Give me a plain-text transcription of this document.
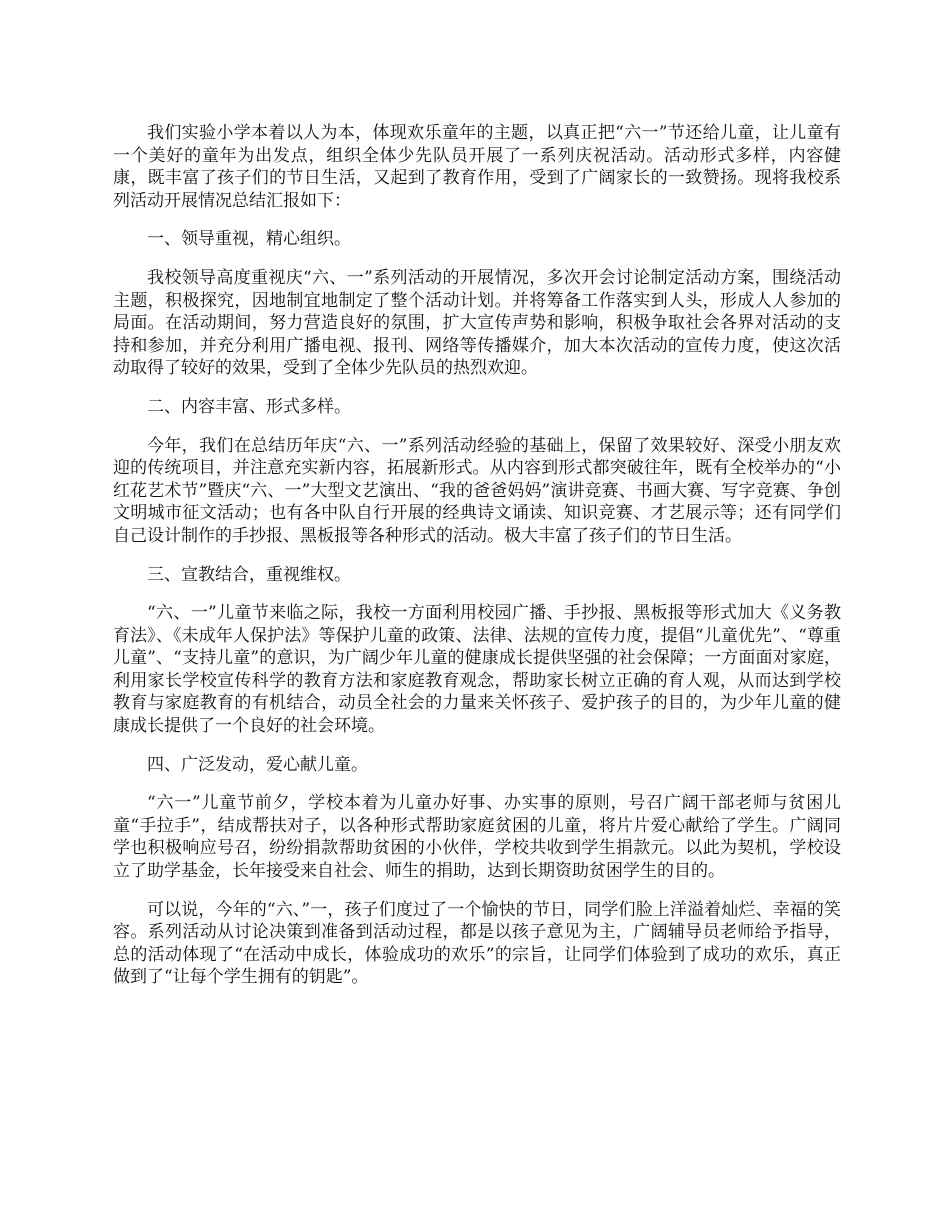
我们实验小学本着以人为本，体现欢乐童年的主题，以真正把“六一”节还给儿童，让儿童有一个美好的童年为出发点，组织全体少先队员开展了一系列庆祝活动。活动形式多样，内容健康，既丰富了孩子们的节日生活，又起到了教育作用，受到了广阔家长的一致赞扬。现将我校系列活动开展情况总结汇报如下：

一、领导重视，精心组织。

我校领导高度重视庆“六、一”系列活动的开展情况，多次开会讨论制定活动方案，围绕活动主题，积极探究，因地制宜地制定了整个活动计划。并将筹备工作落实到人头，形成人人参加的局面。在活动期间，努力营造良好的氛围，扩大宣传声势和影响，积极争取社会各界对活动的支持和参加，并充分利用广播电视、报刊、网络等传播媒介，加大本次活动的宣传力度，使这次活动取得了较好的效果，受到了全体少先队员的热烈欢迎。

二、内容丰富、形式多样。

今年，我们在总结历年庆“六、一”系列活动经验的基础上，保留了效果较好、深受小朋友欢迎的传统项目，并注意充实新内容，拓展新形式。从内容到形式都突破往年，既有全校举办的“小红花艺术节”暨庆“六、一”大型文艺演出、“我的爸爸妈妈”演讲竞赛、书画大赛、写字竞赛、争创文明城市征文活动；也有各中队自行开展的经典诗文诵读、知识竞赛、才艺展示等；还有同学们自己设计制作的手抄报、黑板报等各种形式的活动。极大丰富了孩子们的节日生活。

三、宣教结合，重视维权。

“六、一”儿童节来临之际，我校一方面利用校园广播、手抄报、黑板报等形式加大《义务教育法》、《未成年人保护法》等保护儿童的政策、法律、法规的宣传力度，提倡“儿童优先”、“尊重儿童”、“支持儿童”的意识，为广阔少年儿童的健康成长提供坚强的社会保障；一方面面对家庭，利用家长学校宣传科学的教育方法和家庭教育观念，帮助家长树立正确的育人观，从而达到学校教育与家庭教育的有机结合，动员全社会的力量来关怀孩子、爱护孩子的目的，为少年儿童的健康成长提供了一个良好的社会环境。

四、广泛发动，爱心献儿童。

“六一”儿童节前夕，学校本着为儿童办好事、办实事的原则，号召广阔干部老师与贫困儿童“手拉手”，结成帮扶对子，以各种形式帮助家庭贫困的儿童，将片片爱心献给了学生。广阔同学也积极响应号召，纷纷捐款帮助贫困的小伙伴，学校共收到学生捐款元。以此为契机，学校设立了助学基金，长年接受来自社会、师生的捐助，达到长期资助贫困学生的目的。

可以说，今年的“六、”一，孩子们度过了一个愉快的节日，同学们脸上洋溢着灿烂、幸福的笑容。系列活动从讨论决策到准备到活动过程，都是以孩子意见为主，广阔辅导员老师给予指导，总的活动体现了“在活动中成长，体验成功的欢乐”的宗旨，让同学们体验到了成功的欢乐，真正做到了“让每个学生拥有的钥匙”。
